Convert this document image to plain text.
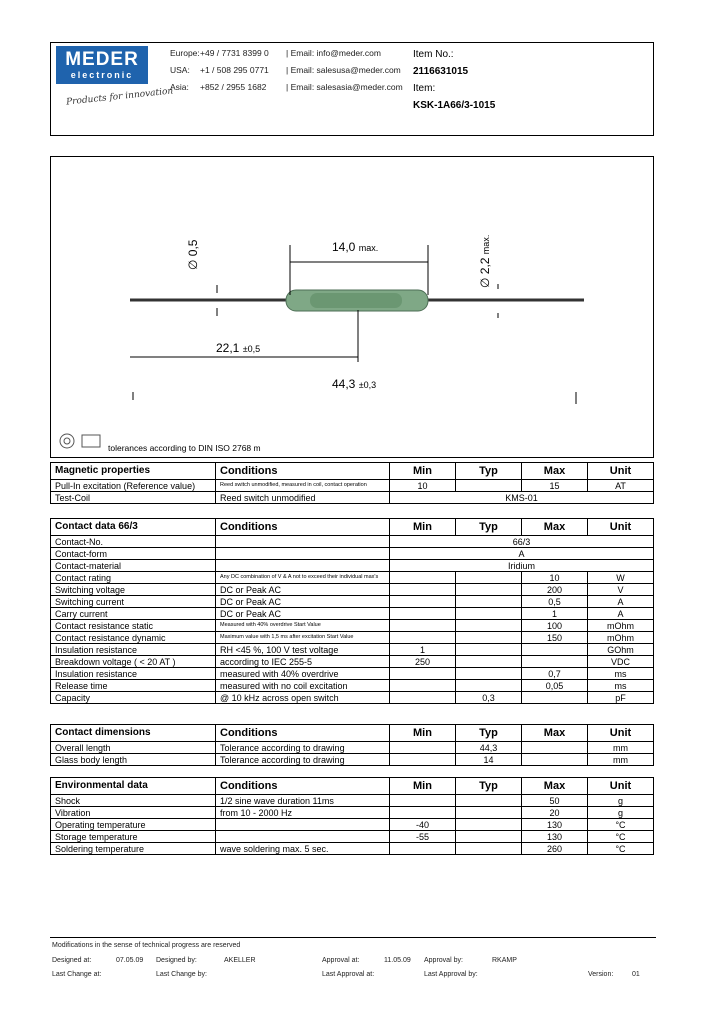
MEDER
electronic
Products for innovation
Europe: +49 / 7731 8399 0 | Email: info@meder.com
USA: +1 / 508 295 0771 | Email: salesusa@meder.com
Asia: +852 / 2955 1682 | Email: salesasia@meder.com
Item No.:
2116631015
Item:
KSK-1A66/3-1015
14,0 max.
∅ 0,5
∅ 2,2 max.
22,1 ±0,5
44,3 ±0,3
tolerances according to DIN ISO 2768 m
Magnetic properties	Conditions	Min	Typ	Max	Unit
Pull-In excitation (Reference value)	Reed switch unmodified, measured in coil, contact operation	10		15	AT
Test-Coil	Reed switch unmodified	KMS-01			
Contact data 66/3	Conditions	Min	Typ	Max	Unit
Contact-No.		66/3			
Contact-form		A			
Contact-material		Iridium			
Contact rating	Any DC combination of V & A not to exceed their individual max's			10	W
Switching voltage	DC or Peak AC			200	V
Switching current	DC or Peak AC			0,5	A
Carry current	DC or Peak AC			1	A
Contact resistance static	Measured with 40% overdrive Start Value			100	mOhm
Contact resistance dynamic	Maximum value with 1,5 ms after excitation Start Value			150	mOhm
Insulation resistance	RH <45 %, 100 V test voltage	1			GOhm
Breakdown voltage ( < 20 AT )	according to IEC 255-5	250			VDC
Insulation resistance	measured with 40% overdrive			0,7	ms
Release time	measured with no coil excitation			0,05	ms
Capacity	@ 10 kHz across open switch		0,3		pF
Contact dimensions	Conditions	Min	Typ	Max	Unit
Overall length	Tolerance according to drawing		44,3		mm
Glass body length	Tolerance according to drawing		14		mm
Environmental data	Conditions	Min	Typ	Max	Unit
Shock	1/2 sine wave duration 11ms			50	g
Vibration	from 10 - 2000 Hz			20	g
Operating temperature		-40		130	°C
Storage temperature		-55		130	°C
Soldering temperature	wave soldering max. 5 sec.			260	°C
Modifications in the sense of technical progress are reserved
Designed at:	07.05.09 Designed by:	AKELLER	Approval at:	11.05.09 Approval by:	RKAMP
Last Change at:	Last Change by:	Last Approval at:	Last Approval by:	Version:	01
